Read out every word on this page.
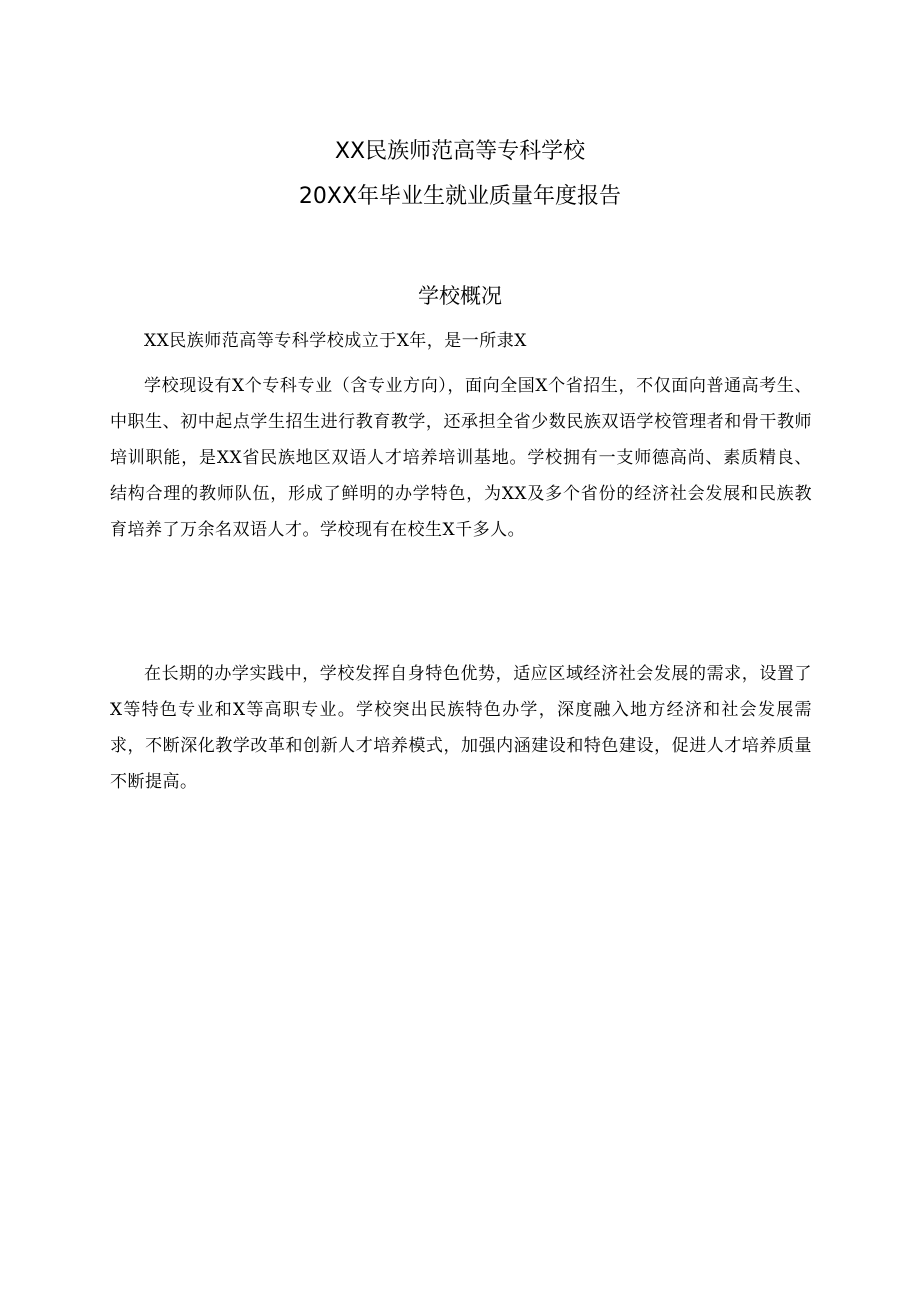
XX民族师范高等专科学校
20XX年毕业生就业质量年度报告
学校概况

XX民族师范高等专科学校成立于X年，是一所隶X

学校现设有X个专科专业（含专业方向），面向全国X个省招生，不仅面向普通高考生、中职生、初中起点学生招生进行教育教学，还承担全省少数民族双语学校管理者和骨干教师培训职能，是XX省民族地区双语人才培养培训基地。学校拥有一支师德高尚、素质精良、结构合理的教师队伍，形成了鲜明的办学特色，为XX及多个省份的经济社会发展和民族教育培养了万余名双语人才。学校现有在校生X千多人。

在长期的办学实践中，学校发挥自身特色优势，适应区域经济社会发展的需求，设置了X等特色专业和X等高职专业。学校突出民族特色办学，深度融入地方经济和社会发展需求，不断深化教学改革和创新人才培养模式，加强内涵建设和特色建设，促进人才培养质量不断提高。
